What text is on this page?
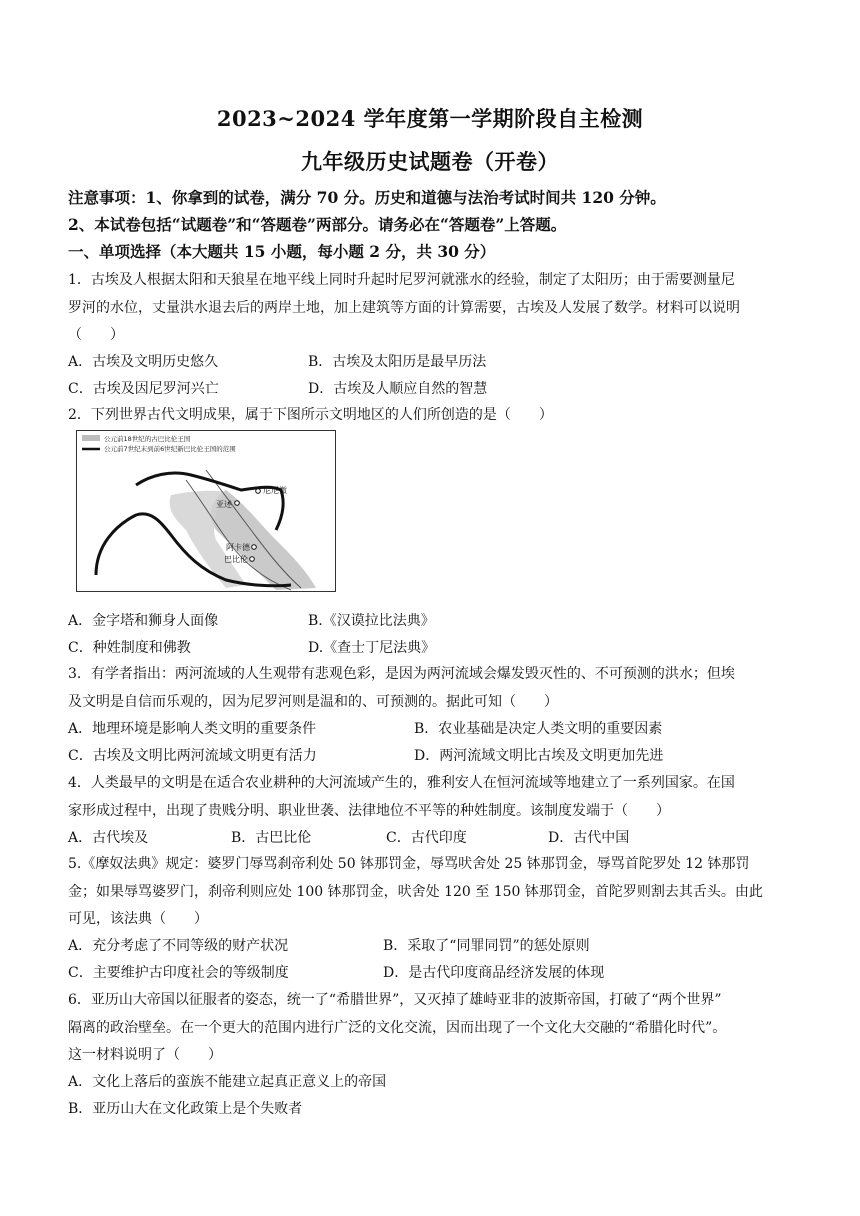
2023~2024 学年度第一学期阶段自主检测
九年级历史试题卷（开卷）
注意事项：1、你拿到的试卷，满分 70 分。历史和道德与法治考试时间共 120 分钟。
2、本试卷包括“试题卷”和“答题卷”两部分。请务必在“答题卷”上答题。
一、单项选择（本大题共 15 小题，每小题 2 分，共 30 分）
1．古埃及人根据太阳和天狼星在地平线上同时升起时尼罗河就涨水的经验，制定了太阳历；由于需要测量尼
罗河的水位，丈量洪水退去后的两岸土地，加上建筑等方面的计算需要，古埃及人发展了数学。材料可以说明
（　　）
A．古埃及文明历史悠久	B．古埃及太阳历是最早历法
C．古埃及因尼罗河兴亡	D．古埃及人顺应自然的智慧
2．下列世界古代文明成果，属于下图所示文明地区的人们所创造的是（　　）
公元前18世纪的古巴比伦王国
公元前7世纪末到前6世纪新巴比伦王国的范围
尼尼微
亚述
阿卡德
巴比伦
A．金字塔和狮身人面像	B.《汉谟拉比法典》
C．种姓制度和佛教	D.《查士丁尼法典》
3．有学者指出：两河流域的人生观带有悲观色彩，是因为两河流域会爆发毁灭性的、不可预测的洪水；但埃
及文明是自信而乐观的，因为尼罗河则是温和的、可预测的。据此可知（　　）
A．地理环境是影响人类文明的重要条件	B．农业基础是决定人类文明的重要因素
C．古埃及文明比两河流域文明更有活力	D．两河流域文明比古埃及文明更加先进
4．人类最早的文明是在适合农业耕种的大河流域产生的，雅利安人在恒河流域等地建立了一系列国家。在国
家形成过程中，出现了贵贱分明、职业世袭、法律地位不平等的种姓制度。该制度发端于（　　）
A．古代埃及	B．古巴比伦	C．古代印度	D．古代中国
5.《摩奴法典》规定：婆罗门辱骂刹帝利处 50 钵那罚金，辱骂吠舍处 25 钵那罚金，辱骂首陀罗处 12 钵那罚
金；如果辱骂婆罗门，刹帝利则应处 100 钵那罚金，吠舍处 120 至 150 钵那罚金，首陀罗则割去其舌头。由此
可见，该法典（　　）
A．充分考虑了不同等级的财产状况	B．采取了“同罪同罚”的惩处原则
C．主要维护古印度社会的等级制度	D．是古代印度商品经济发展的体现
6．亚历山大帝国以征服者的姿态，统一了“希腊世界”，又灭掉了雄峙亚非的波斯帝国，打破了“两个世界”
隔离的政治壁垒。在一个更大的范围内进行广泛的文化交流，因而出现了一个文化大交融的“希腊化时代”。
这一材料说明了（　　）
A．文化上落后的蛮族不能建立起真正意义上的帝国
B．亚历山大在文化政策上是个失败者
